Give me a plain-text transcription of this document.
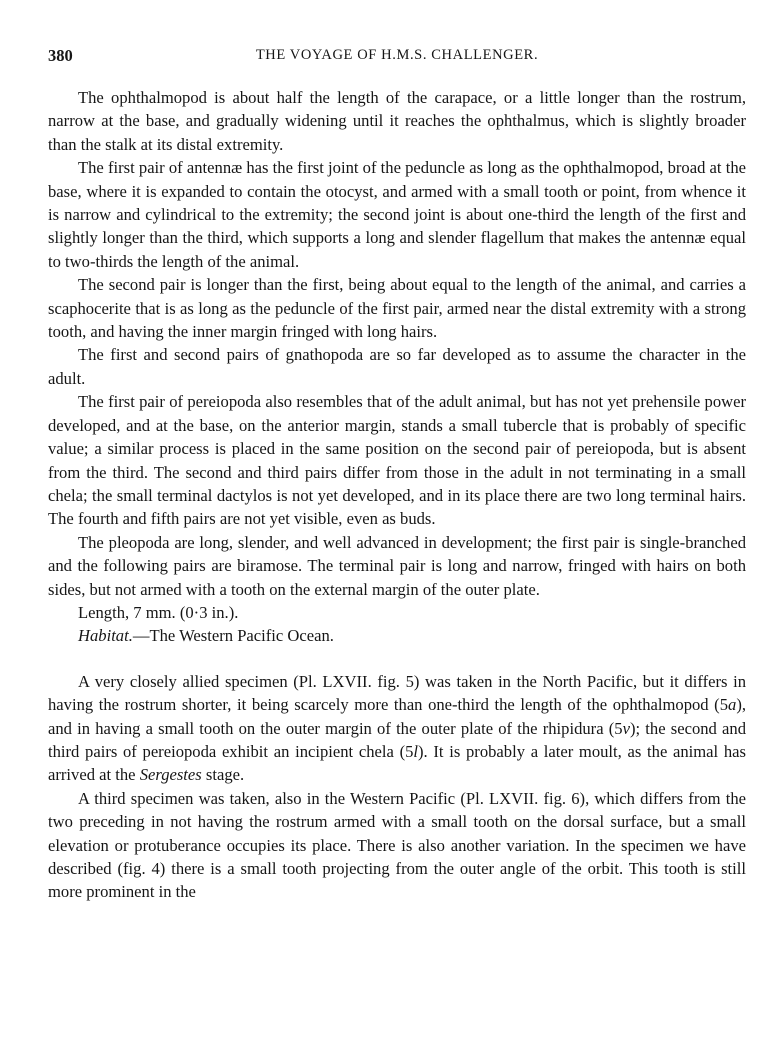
380	THE VOYAGE OF H.M.S. CHALLENGER.

The ophthalmopod is about half the length of the carapace, or a little longer than the rostrum, narrow at the base, and gradually widening until it reaches the ophthalmus, which is slightly broader than the stalk at its distal extremity.

The first pair of antennæ has the first joint of the peduncle as long as the ophthalmopod, broad at the base, where it is expanded to contain the otocyst, and armed with a small tooth or point, from whence it is narrow and cylindrical to the extremity; the second joint is about one-third the length of the first and slightly longer than the third, which supports a long and slender flagellum that makes the antennæ equal to two-thirds the length of the animal.

The second pair is longer than the first, being about equal to the length of the animal, and carries a scaphocerite that is as long as the peduncle of the first pair, armed near the distal extremity with a strong tooth, and having the inner margin fringed with long hairs.

The first and second pairs of gnathopoda are so far developed as to assume the character in the adult.

The first pair of pereiopoda also resembles that of the adult animal, but has not yet prehensile power developed, and at the base, on the anterior margin, stands a small tubercle that is probably of specific value; a similar process is placed in the same position on the second pair of pereiopoda, but is absent from the third. The second and third pairs differ from those in the adult in not terminating in a small chela; the small terminal dactylos is not yet developed, and in its place there are two long terminal hairs. The fourth and fifth pairs are not yet visible, even as buds.

The pleopoda are long, slender, and well advanced in development; the first pair is single-branched and the following pairs are biramose. The terminal pair is long and narrow, fringed with hairs on both sides, but not armed with a tooth on the external margin of the outer plate.

Length, 7 mm. (0·3 in.).

Habitat.—The Western Pacific Ocean.

A very closely allied specimen (Pl. LXVII. fig. 5) was taken in the North Pacific, but it differs in having the rostrum shorter, it being scarcely more than one-third the length of the ophthalmopod (5a), and in having a small tooth on the outer margin of the outer plate of the rhipidura (5v); the second and third pairs of pereiopoda exhibit an incipient chela (5l). It is probably a later moult, as the animal has arrived at the Sergestes stage.

A third specimen was taken, also in the Western Pacific (Pl. LXVII. fig. 6), which differs from the two preceding in not having the rostrum armed with a small tooth on the dorsal surface, but a small elevation or protuberance occupies its place. There is also another variation. In the specimen we have described (fig. 4) there is a small tooth projecting from the outer angle of the orbit. This tooth is still more prominent in the
